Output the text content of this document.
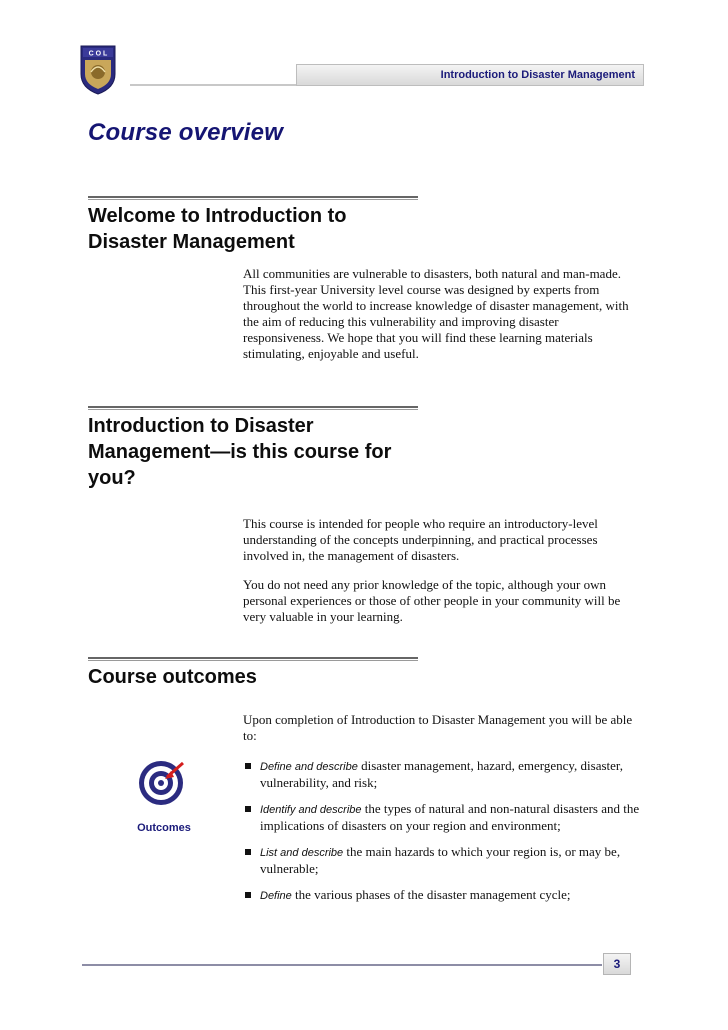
C O L
Introduction to Disaster Management
Course overview
Welcome to Introduction to Disaster Management
All communities are vulnerable to disasters, both natural and man-made. This first-year University level course was designed by experts from throughout the world to increase knowledge of disaster management, with the aim of reducing this vulnerability and improving disaster responsiveness. We hope that you will find these learning materials stimulating, enjoyable and useful.
Introduction to Disaster Management—is this course for you?
This course is intended for people who require an introductory-level understanding of the concepts underpinning, and practical processes involved in, the management of disasters.
You do not need any prior knowledge of the topic, although your own personal experiences or those of other people in your community will be very valuable in your learning.
Course outcomes
Upon completion of Introduction to Disaster Management you will be able to:
Outcomes
Define and describe disaster management, hazard, emergency, disaster, vulnerability, and risk;
Identify and describe the types of natural and non-natural disasters and the implications of disasters on your region and environment;
List and describe the main hazards to which your region is, or may be, vulnerable;
Define the various phases of the disaster management cycle;
3
